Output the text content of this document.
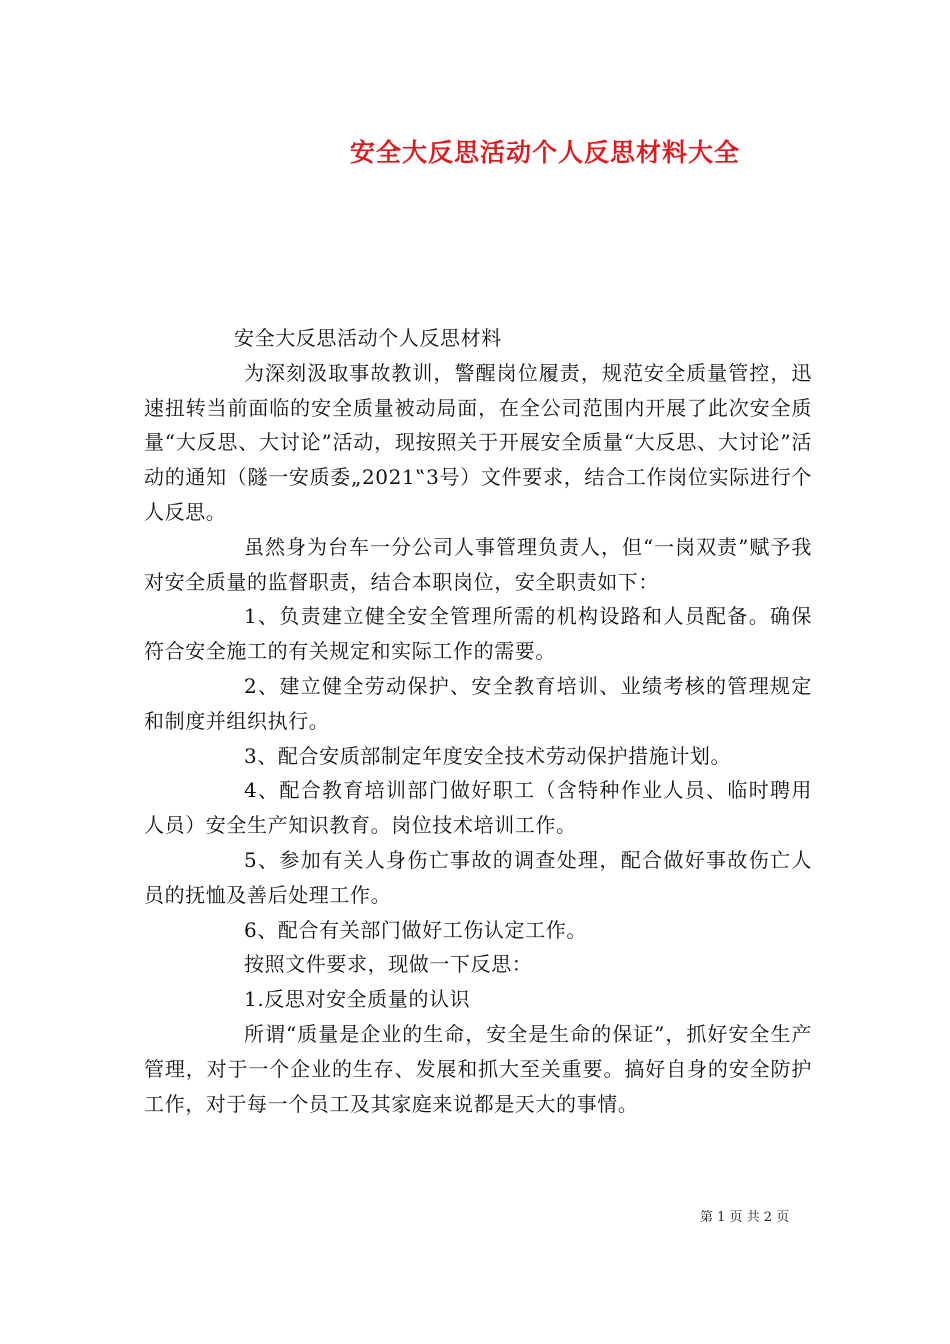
安全大反思活动个人反思材料大全

安全大反思活动个人反思材料

为深刻汲取事故教训，警醒岗位履责，规范安全质量管控，迅速扭转当前面临的安全质量被动局面，在全公司范围内开展了此次安全质量“大反思、大讨论”活动，现按照关于开展安全质量“大反思、大讨论”活动的通知（隧一安质委„2021‟3号）文件要求，结合工作岗位实际进行个人反思。

虽然身为台车一分公司人事管理负责人，但“一岗双责”赋予我对安全质量的监督职责，结合本职岗位，安全职责如下：

1、负责建立健全安全管理所需的机构设路和人员配备。确保符合安全施工的有关规定和实际工作的需要。

2、建立健全劳动保护、安全教育培训、业绩考核的管理规定和制度并组织执行。

3、配合安质部制定年度安全技术劳动保护措施计划。

4、配合教育培训部门做好职工（含特种作业人员、临时聘用人员）安全生产知识教育。岗位技术培训工作。

5、参加有关人身伤亡事故的调查处理，配合做好事故伤亡人员的抚恤及善后处理工作。

6、配合有关部门做好工伤认定工作。

按照文件要求，现做一下反思：

1.反思对安全质量的认识

所谓“质量是企业的生命，安全是生命的保证”，抓好安全生产管理，对于一个企业的生存、发展和抓大至关重要。搞好自身的安全防护工作，对于每一个员工及其家庭来说都是天大的事情。

第 1 页 共 2 页
